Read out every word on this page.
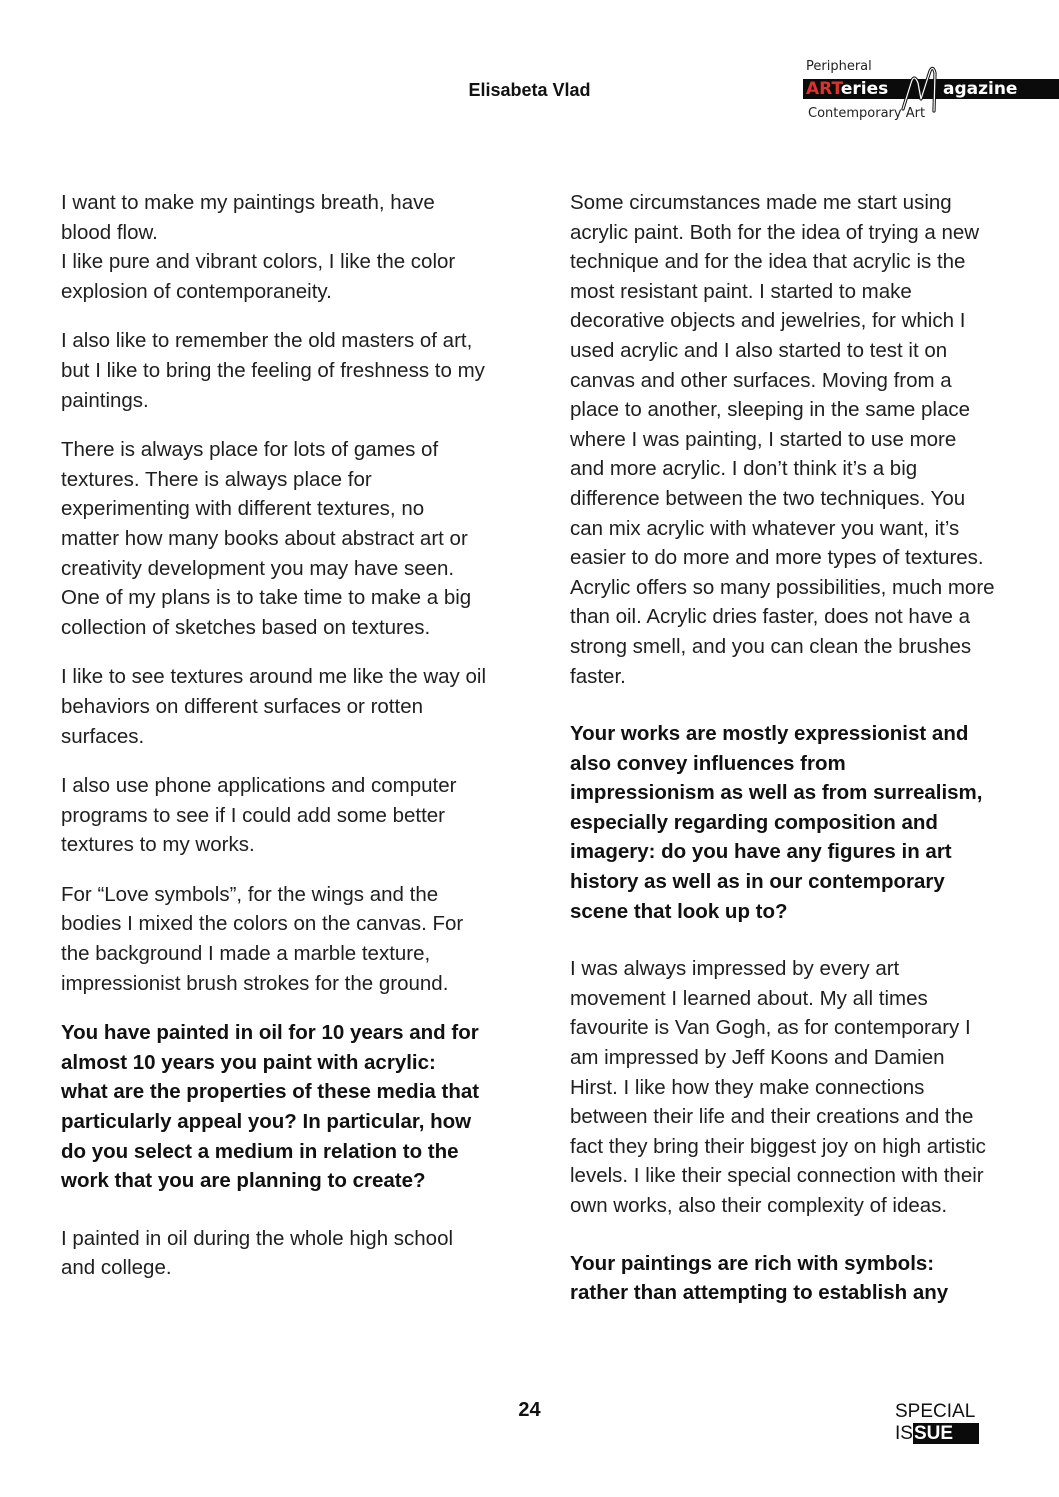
Elisabeta Vlad
Peripheral
ARTeries	agazine
Contemporary Art

I want to make my paintings breath, have blood flow.
I like pure and vibrant colors, I like the color explosion of contemporaneity.

I also like to remember the old masters of art, but I like to bring the feeling of freshness to my paintings.

There is always place for lots of games of textures. There is always place for experimenting with different textures, no matter how many books about abstract art or creativity development you may have seen. One of my plans is to take time to make a big collection of sketches based on textures.

I like to see textures around me like the way oil behaviors on different surfaces or rotten surfaces.

I also use phone applications and computer programs to see if I could add some better textures to my works.

For “Love symbols”, for the wings and the bodies I mixed the colors on the canvas. For the background I made a marble texture, impressionist brush strokes for the ground.

You have painted in oil for 10 years and for almost 10 years you paint with acrylic: what are the properties of these media that particularly appeal you? In particular, how do you select a medium in relation to the work that you are planning to create?

I painted in oil during the whole high school and college.

Some circumstances made me start using acrylic paint. Both for the idea of trying a new technique and for the idea that acrylic is the most resistant paint. I started to make decorative objects and jewelries, for which I used acrylic and I also started to test it on canvas and other surfaces. Moving from a place to another, sleeping in the same place where I was painting, I started to use more and more acrylic. I don’t think it’s a big difference between the two techniques. You can mix acrylic with whatever you want, it’s easier to do more and more types of textures. Acrylic offers so many possibilities, much more than oil. Acrylic dries faster, does not have a strong smell, and you can clean the brushes faster.

Your works are mostly expressionist and also convey influences from impressionism as well as from surrealism, especially regarding composition and imagery: do you have any figures in art history as well as in our contemporary scene that look up to?

I was always impressed by every art movement I learned about. My all times favourite is Van Gogh, as for contemporary I am impressed by Jeff Koons and Damien Hirst. I like how they make connections between their life and their creations and the fact they bring their biggest joy on high artistic levels. I like their special connection with their own works, also their complexity of ideas.

Your paintings are rich with symbols: rather than attempting to establish any

24	SPECIAL ISSUE
